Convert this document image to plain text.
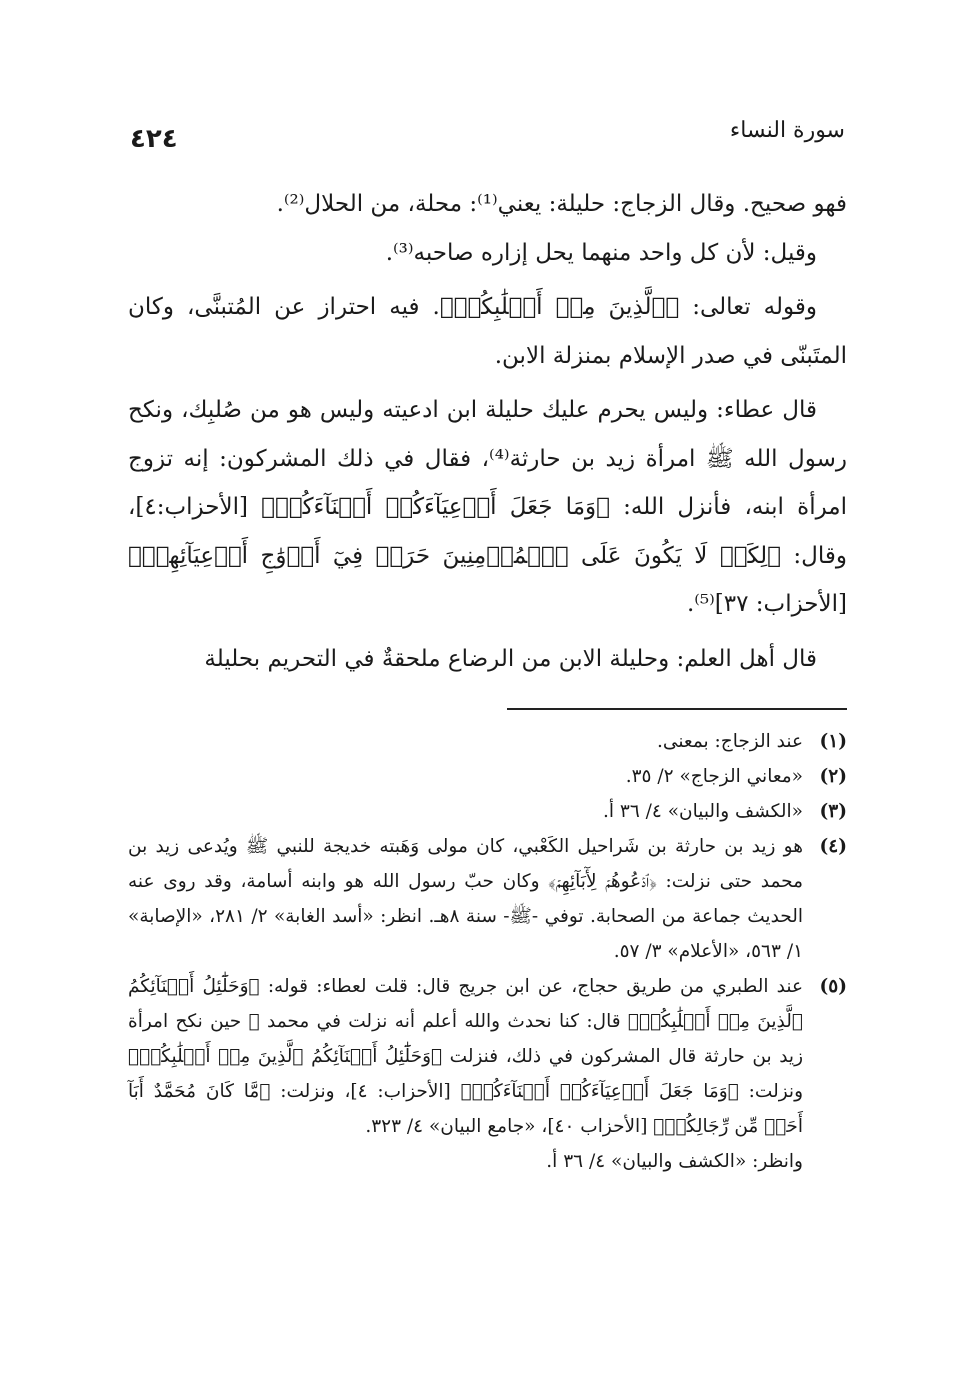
٤٢٤	سورة النساء

فهو صحيح. وقال الزجاج: حليلة: يعني⁽¹⁾: محلة، من الحلال⁽²⁾.

وقيل: لأن كل واحد منهما يحل إزاره صاحبه⁽³⁾.

وقوله تعالى: ﴿ٱلَّذِينَ مِنۡ أَصۡلَٰبِكُمۡ﴾. فيه احتراز عن المُتبنَّى، وكان المتَبنّى في صدر الإسلام بمنزلة الابن.

قال عطاء: وليس يحرم عليك حليلة ابن ادعيته وليس هو من صُلبِك، ونكح رسول الله ﷺ امرأة زيد بن حارثة⁽⁴⁾، فقال في ذلك المشركون: إنه تزوج امرأة ابنه، فأنزل الله: ﴿وَمَا جَعَلَ أَدۡعِيَآءَكُمۡ أَبۡنَآءَكُمۡ﴾ [الأحزاب:٤]، وقال: ﴿لِكَيۡ لَا يَكُونَ عَلَى ٱلۡمُؤۡمِنِينَ حَرَجٞ فِيٓ أَزۡوَٰجِ أَدۡعِيَآئِهِمۡ﴾ [الأحزاب: ٣٧]⁽⁵⁾.

قال أهل العلم: وحليلة الابن من الرضاع ملحقةٌ في التحريم بحليلة

(١)
عند الزجاج: بمعنى.
(٢)
«معاني الزجاج» ٢/ ٣٥.
(٣)
«الكشف والبيان» ٤/ ٣٦ أ.
(٤)
هو زيد بن حارثة بن شَراحيل الكَعْبي، كان مولى وَهَبته خديجة للنبي ﷺ ويُدعى زيد بن محمد حتى نزلت: ﴿ٱدۡعُوهُمۡ لِأٓبَآئِهِمۡ﴾ وكان حبّ رسول الله هو وابنه أسامة، وقد روى عنه الحديث جماعة من الصحابة. توفي -ﷺ- سنة ٨هـ. انظر: «أسد الغابة» ٢/ ٢٨١، «الإصابة» ١/ ٥٦٣، «الأعلام» ٣/ ٥٧.
(٥)
عند الطبري من طريق حجاج، عن ابن جريج قال: قلت لعطاء: قوله: ﴿وَحَلَٰٓئِلُ أَبۡنَآئِكُمُ ٱلَّذِينَ مِنۡ أَصۡلَٰبِكُمۡ﴾ قال: كنا نحدث والله أعلم أنه نزلت في محمد ﷺ حين نكح امرأة زيد بن حارثة قال المشركون في ذلك، فنزلت ﴿وَحَلَٰٓئِلُ أَبۡنَآئِكُمُ ٱلَّذِينَ مِنۡ أَصۡلَٰبِكُمۡ﴾ ونزلت: ﴿وَمَا جَعَلَ أَدۡعِيَآءَكُمۡ أَبۡنَآءَكُمۡ﴾ [الأحزاب: ٤]، ونزلت: ﴿مَّا كَانَ مُحَمَّدٌ أَبَآ أَحَدٖ مِّن رِّجَالِكُمۡ﴾ [الأحزاب ٤٠]، «جامع البيان» ٤/ ٣٢٣.
وانظر: «الكشف والبيان» ٤/ ٣٦ أ.
